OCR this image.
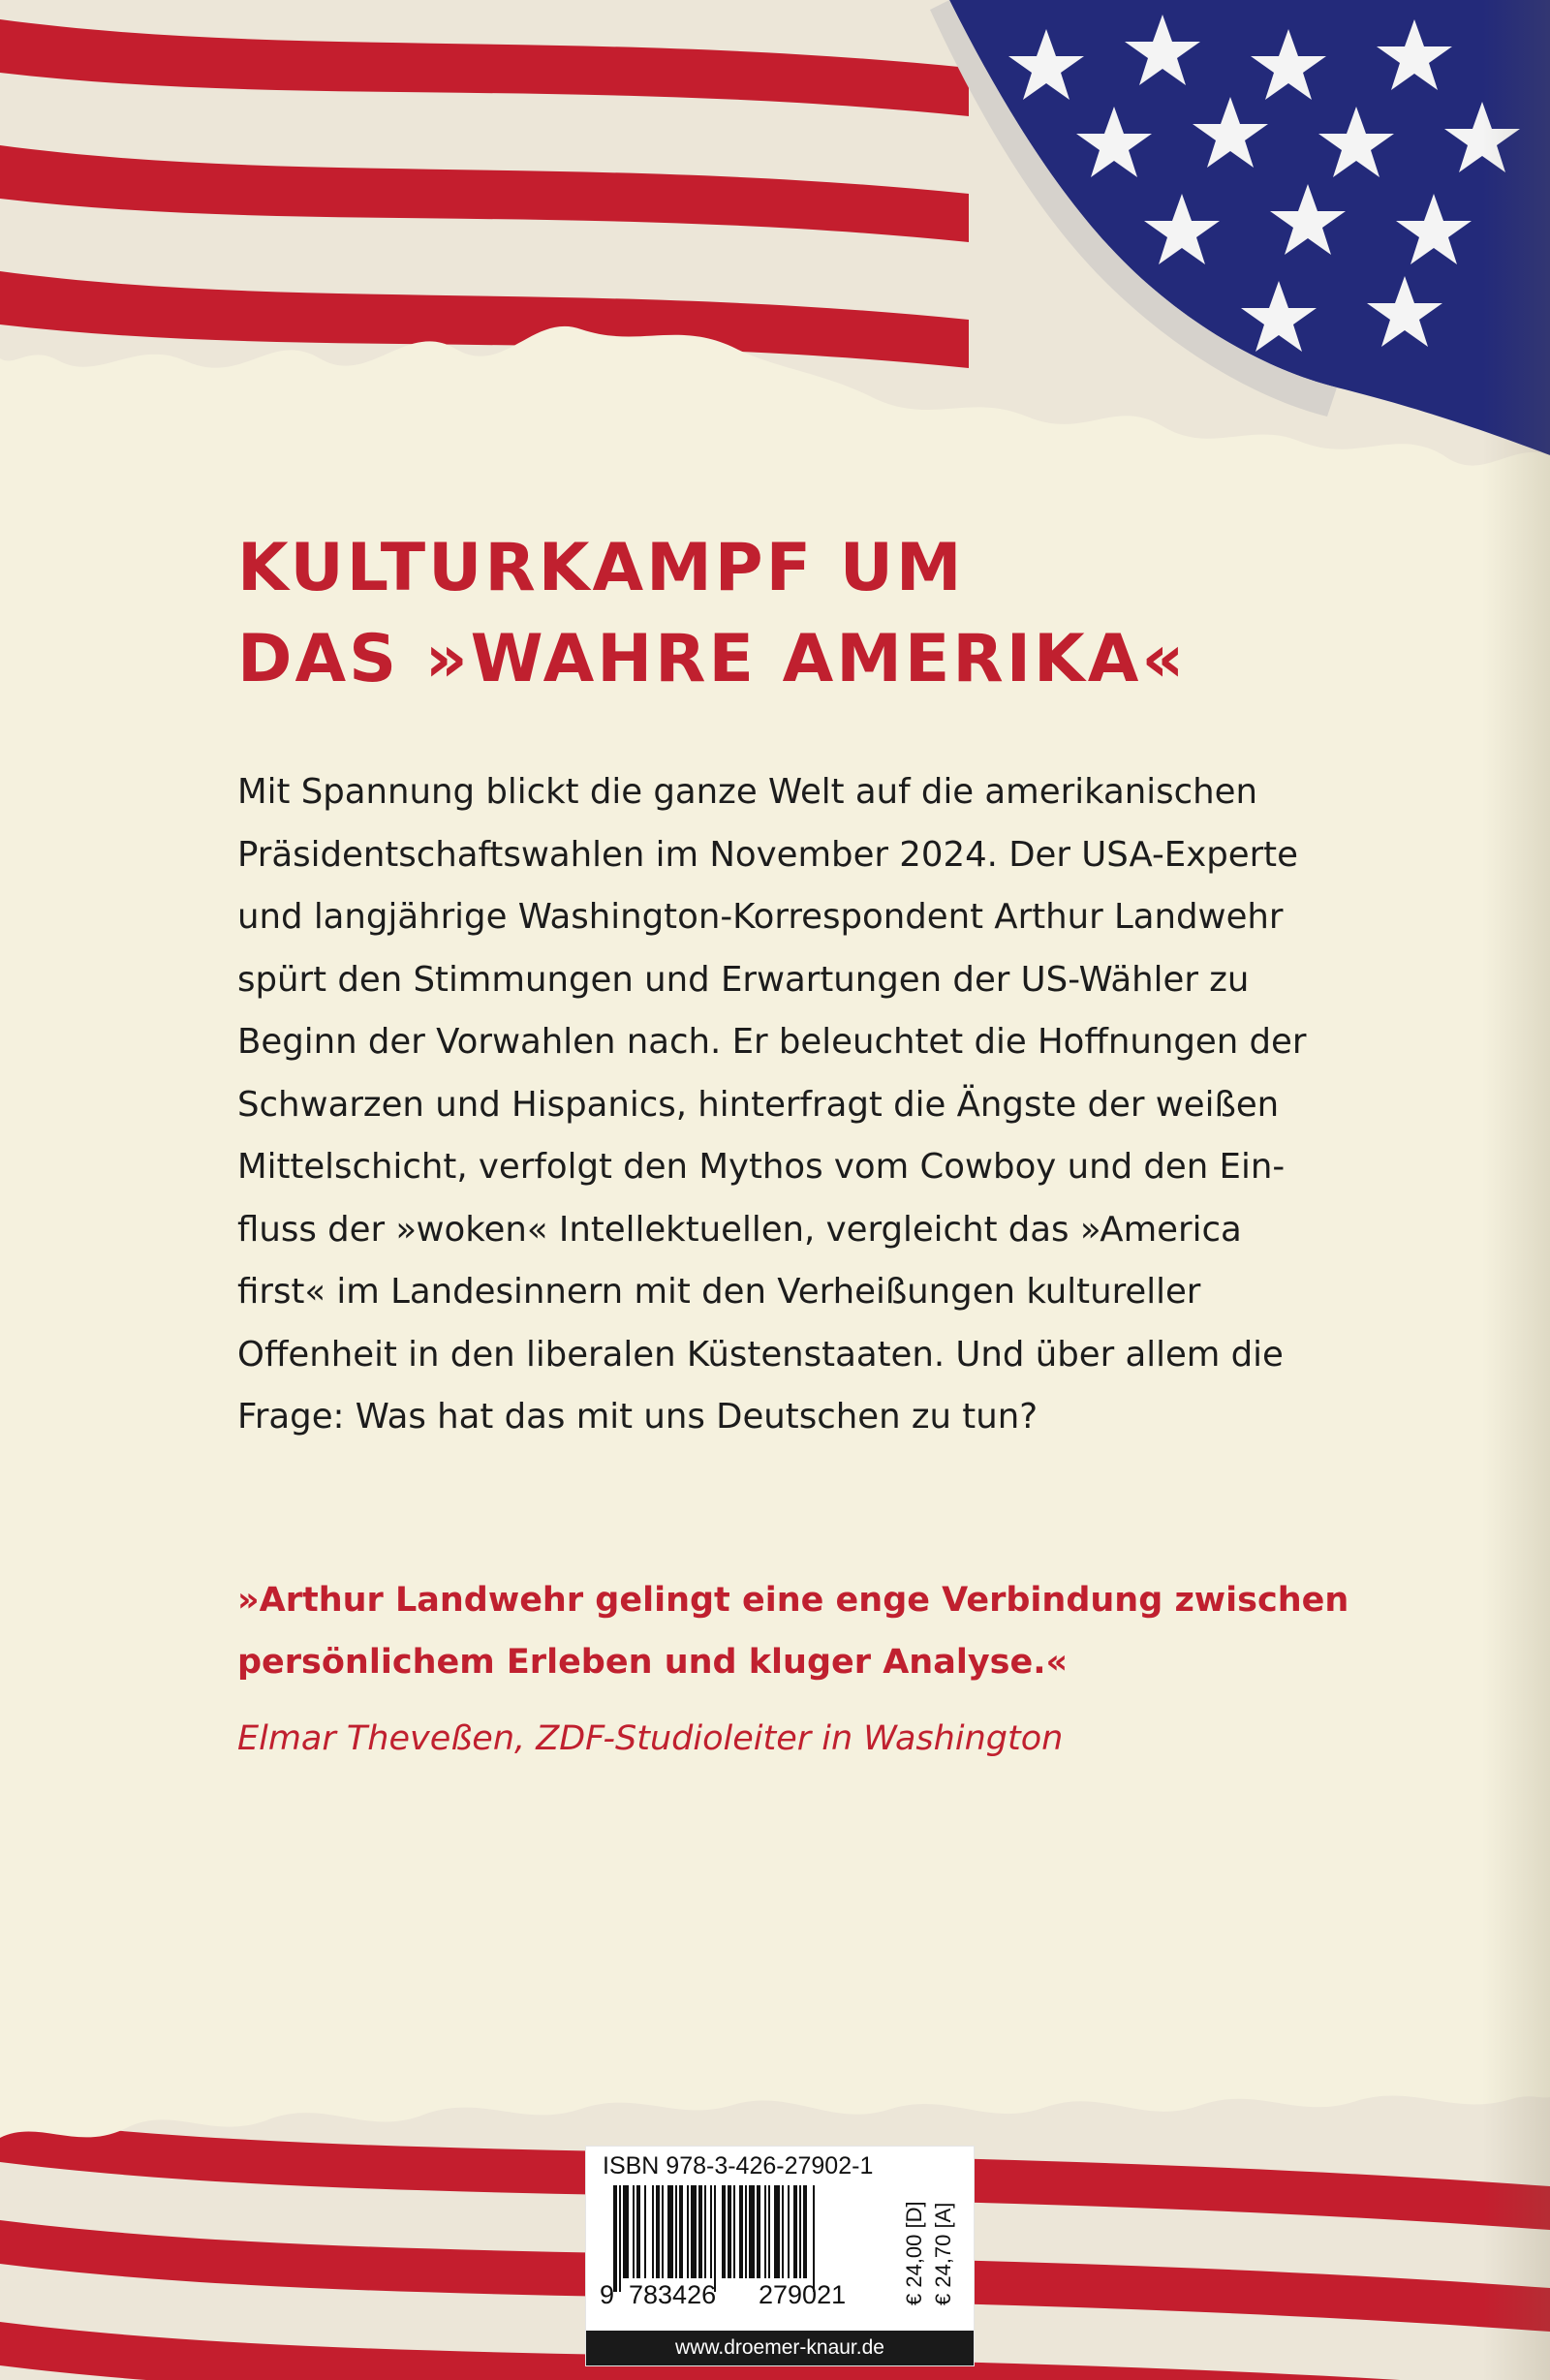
KULTURKAMPF UM
DAS »WAHRE AMERIKA«

Mit Spannung blickt die ganze Welt auf die amerikanischen
Präsidentschaftswahlen im November 2024. Der USA-Experte
und langjährige Washington-Korrespondent Arthur Landwehr
spürt den Stimmungen und Erwartungen der US-Wähler zu
Beginn der Vorwahlen nach. Er beleuchtet die Hoffnungen der
Schwarzen und Hispanics, hinterfragt die Ängste der weißen
Mittelschicht, verfolgt den Mythos vom Cowboy und den Ein-
fluss der »woken« Intellektuellen, vergleicht das »America
first« im Landesinnern mit den Verheißungen kultureller
Offenheit in den liberalen Küstenstaaten. Und über allem die
Frage: Was hat das mit uns Deutschen zu tun?

»Arthur Landwehr gelingt eine enge Verbindung zwischen
persönlichem Erleben und kluger Analyse.«

Elmar Theveßen, ZDF-Studioleiter in Washington

ISBN 978-3-426-27902-1
9 783426 279021	€ 24,00 [D] € 24,70 [A]
www.droemer-knaur.de
